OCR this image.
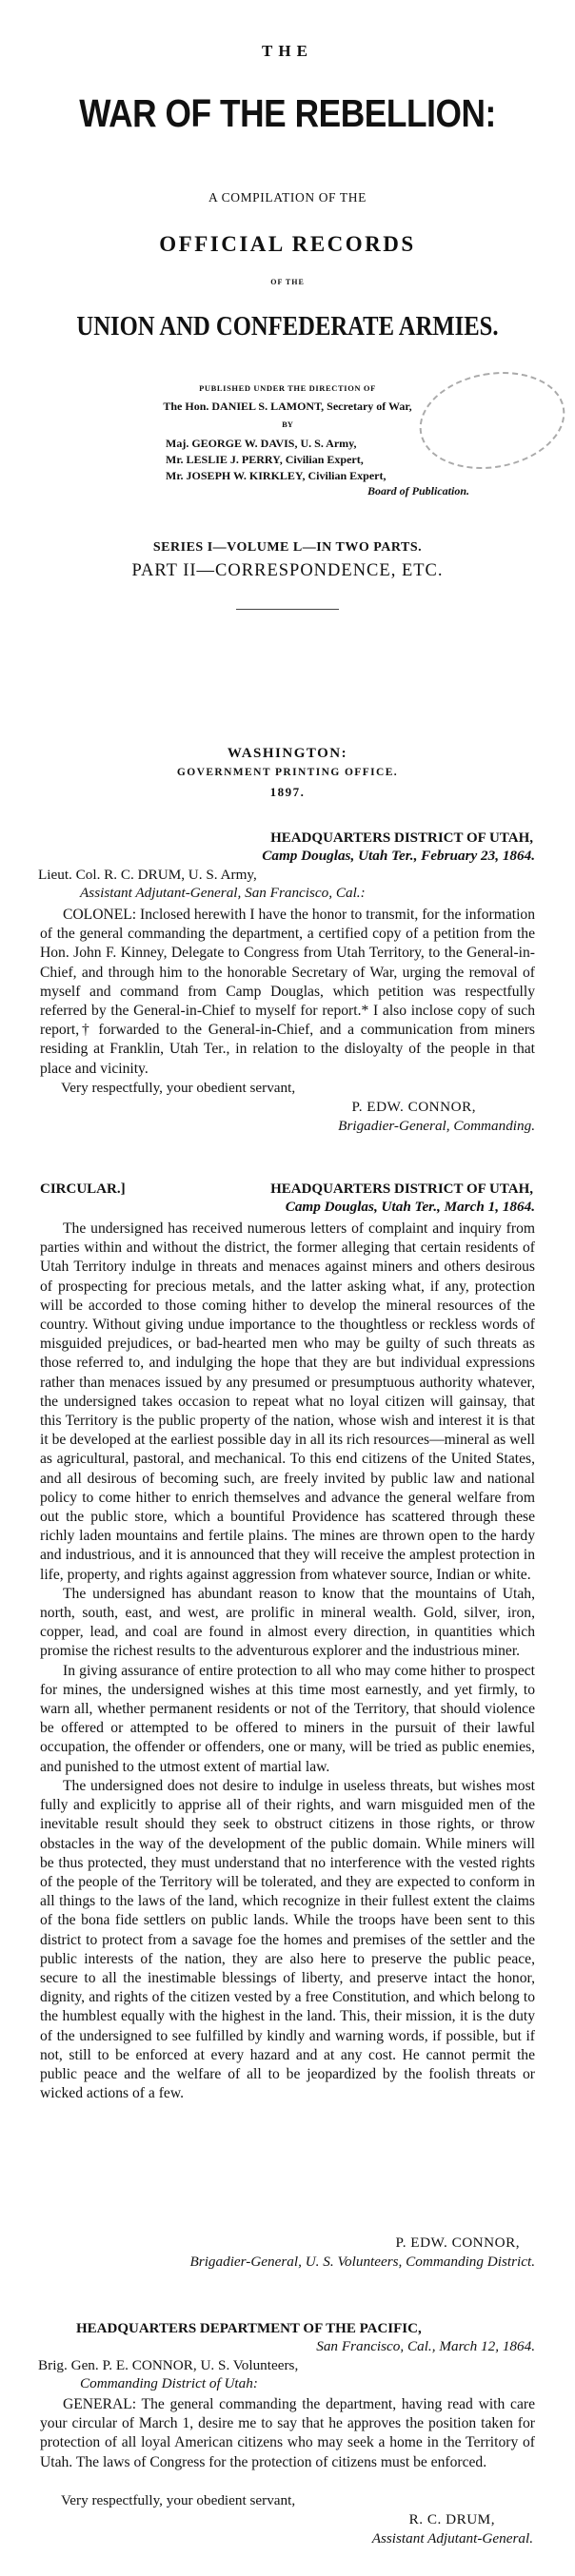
THE
WAR OF THE REBELLION:
A COMPILATION OF THE
OFFICIAL RECORDS
OF THE
UNION AND CONFEDERATE ARMIES.
PUBLISHED UNDER THE DIRECTION OF
The Hon. DANIEL S. LAMONT, Secretary of War,
BY
Maj. GEORGE W. DAVIS, U. S. Army,
Mr. LESLIE J. PERRY, Civilian Expert,
Mr. JOSEPH W. KIRKLEY, Civilian Expert,
Board of Publication.
SERIES I—VOLUME L—IN TWO PARTS.
PART II—CORRESPONDENCE, ETC.
WASHINGTON:
GOVERNMENT PRINTING OFFICE.
1897.
HEADQUARTERS DISTRICT OF UTAH,
Camp Douglas, Utah Ter., February 23, 1864.
Lieut. Col. R. C. DRUM, U. S. Army,
Assistant Adjutant-General, San Francisco, Cal.:

COLONEL: Inclosed herewith I have the honor to transmit, for the information of the general commanding the department, a certified copy of a petition from the Hon. John F. Kinney, Delegate to Congress from Utah Territory, to the General-in-Chief, and through him to the honorable Secretary of War, urging the removal of myself and command from Camp Douglas, which petition was respectfully referred by the General-in-Chief to myself for report.* I also inclose copy of such report,† forwarded to the General-in-Chief, and a communication from miners residing at Franklin, Utah Ter., in relation to the disloyalty of the people in that place and vicinity.

Very respectfully, your obedient servant,
P. EDW. CONNOR,
Brigadier-General, Commanding.
CIRCULAR.]	HEADQUARTERS DISTRICT OF UTAH,
Camp Douglas, Utah Ter., March 1, 1864.

The undersigned has received numerous letters of complaint and inquiry from parties within and without the district, the former alleging that certain residents of Utah Territory indulge in threats and menaces against miners and others desirous of prospecting for precious metals, and the latter asking what, if any, protection will be accorded to those coming hither to develop the mineral resources of the country. Without giving undue importance to the thoughtless or reckless words of misguided prejudices, or bad-hearted men who may be guilty of such threats as those referred to, and indulging the hope that they are but individual expressions rather than menaces issued by any presumed or presumptuous authority whatever, the undersigned takes occasion to repeat what no loyal citizen will gainsay, that this Territory is the public property of the nation, whose wish and interest it is that it be developed at the earliest possible day in all its rich resources—mineral as well as agricultural, pastoral, and mechanical. To this end citizens of the United States, and all desirous of becoming such, are freely invited by public law and national policy to come hither to enrich themselves and advance the general welfare from out the public store, which a bountiful Providence has scattered through these richly laden mountains and fertile plains. The mines are thrown open to the hardy and industrious, and it is announced that they will receive the amplest protection in life, property, and rights against aggression from whatever source, Indian or white.

The undersigned has abundant reason to know that the mountains of Utah, north, south, east, and west, are prolific in mineral wealth. Gold, silver, iron, copper, lead, and coal are found in almost every direction, in quantities which promise the richest results to the adventurous explorer and the industrious miner.

In giving assurance of entire protection to all who may come hither to prospect for mines, the undersigned wishes at this time most earnestly, and yet firmly, to warn all, whether permanent residents or not of the Territory, that should violence be offered or attempted to be offered to miners in the pursuit of their lawful occupation, the offender or offenders, one or many, will be tried as public enemies, and punished to the utmost extent of martial law.

The undersigned does not desire to indulge in useless threats, but wishes most fully and explicitly to apprise all of their rights, and warn misguided men of the inevitable result should they seek to obstruct citizens in those rights, or throw obstacles in the way of the development of the public domain. While miners will be thus protected, they must understand that no interference with the vested rights of the people of the Territory will be tolerated, and they are expected to conform in all things to the laws of the land, which recognize in their fullest extent the claims of the bona fide settlers on public lands. While the troops have been sent to this district to protect from a savage foe the homes and premises of the settler and the public interests of the nation, they are also here to preserve the public peace, secure to all the inestimable blessings of liberty, and preserve intact the honor, dignity, and rights of the citizen vested by a free Constitution, and which belong to the humblest equally with the highest in the land. This, their mission, it is the duty of the undersigned to see fulfilled by kindly and warning words, if possible, but if not, still to be enforced at every hazard and at any cost. He cannot permit the public peace and the welfare of all to be jeopardized by the foolish threats or wicked actions of a few.

P. EDW. CONNOR,
Brigadier-General, U. S. Volunteers, Commanding District.
HEADQUARTERS DEPARTMENT OF THE PACIFIC,
San Francisco, Cal., March 12, 1864.
Brig. Gen. P. E. CONNOR, U. S. Volunteers,
Commanding District of Utah:

GENERAL: The general commanding the department, having read with care your circular of March 1, desire me to say that he approves the position taken for protection of all loyal American citizens who may seek a home in the Territory of Utah. The laws of Congress for the protection of citizens must be enforced.

Very respectfully, your obedient servant,
R. C. DRUM,
Assistant Adjutant-General.
